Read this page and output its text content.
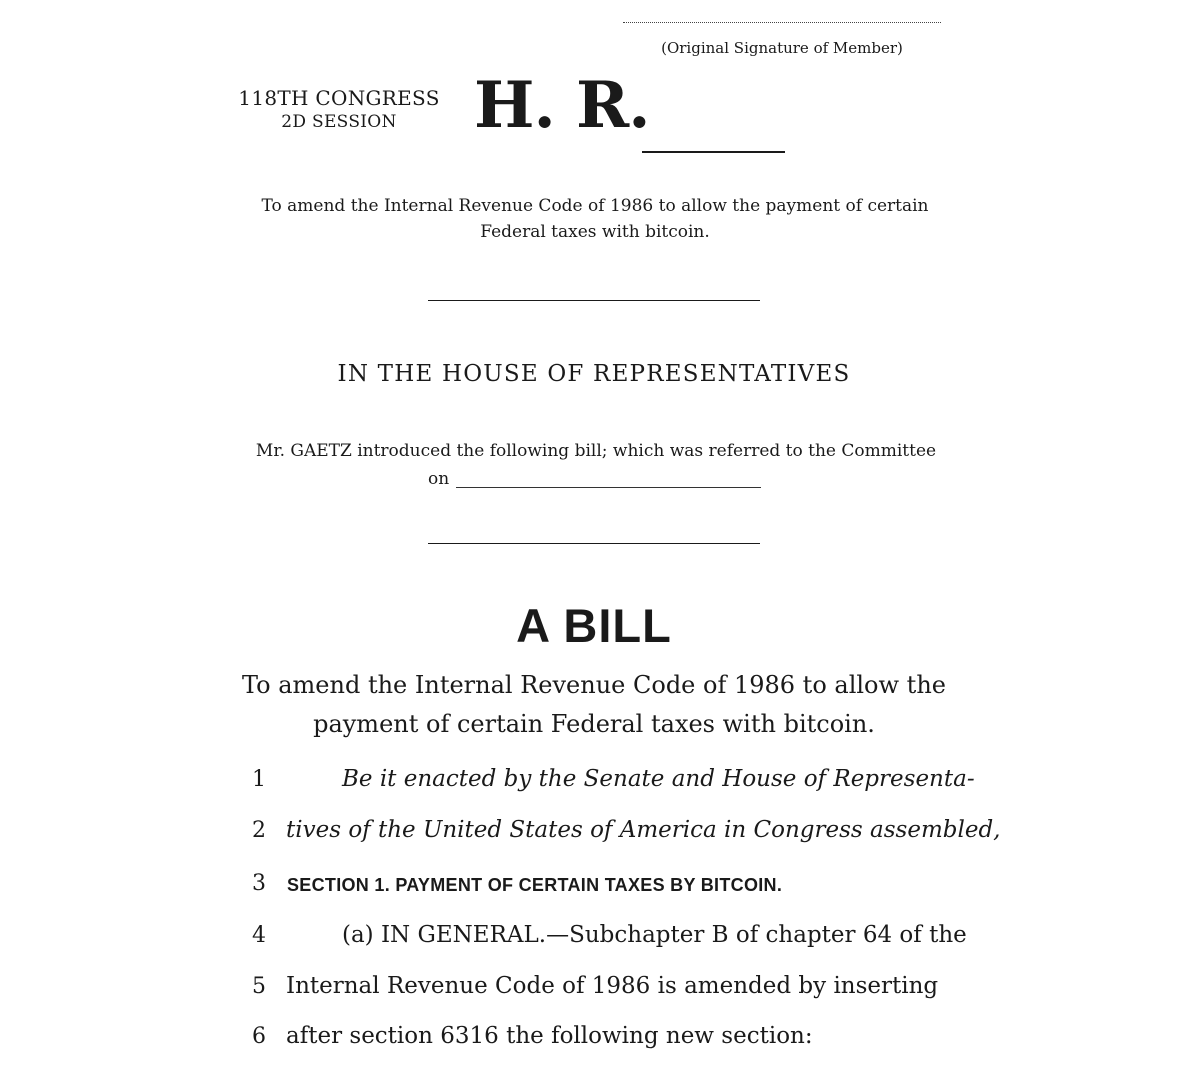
(Original Signature of Member)
118TH CONGRESS
2D SESSION	H. R.
To amend the Internal Revenue Code of 1986 to allow the payment of certain Federal taxes with bitcoin.
IN THE HOUSE OF REPRESENTATIVES
Mr. GAETZ introduced the following bill; which was referred to the Committee
on
A BILL
To amend the Internal Revenue Code of 1986 to allow the payment of certain Federal taxes with bitcoin.
1	Be it enacted by the Senate and House of Representa-
2 tives of the United States of America in Congress assembled,
3	SECTION 1. PAYMENT OF CERTAIN TAXES BY BITCOIN.
4	(a) IN GENERAL.—Subchapter B of chapter 64 of the
5 Internal Revenue Code of 1986 is amended by inserting
6 after section 6316 the following new section:
